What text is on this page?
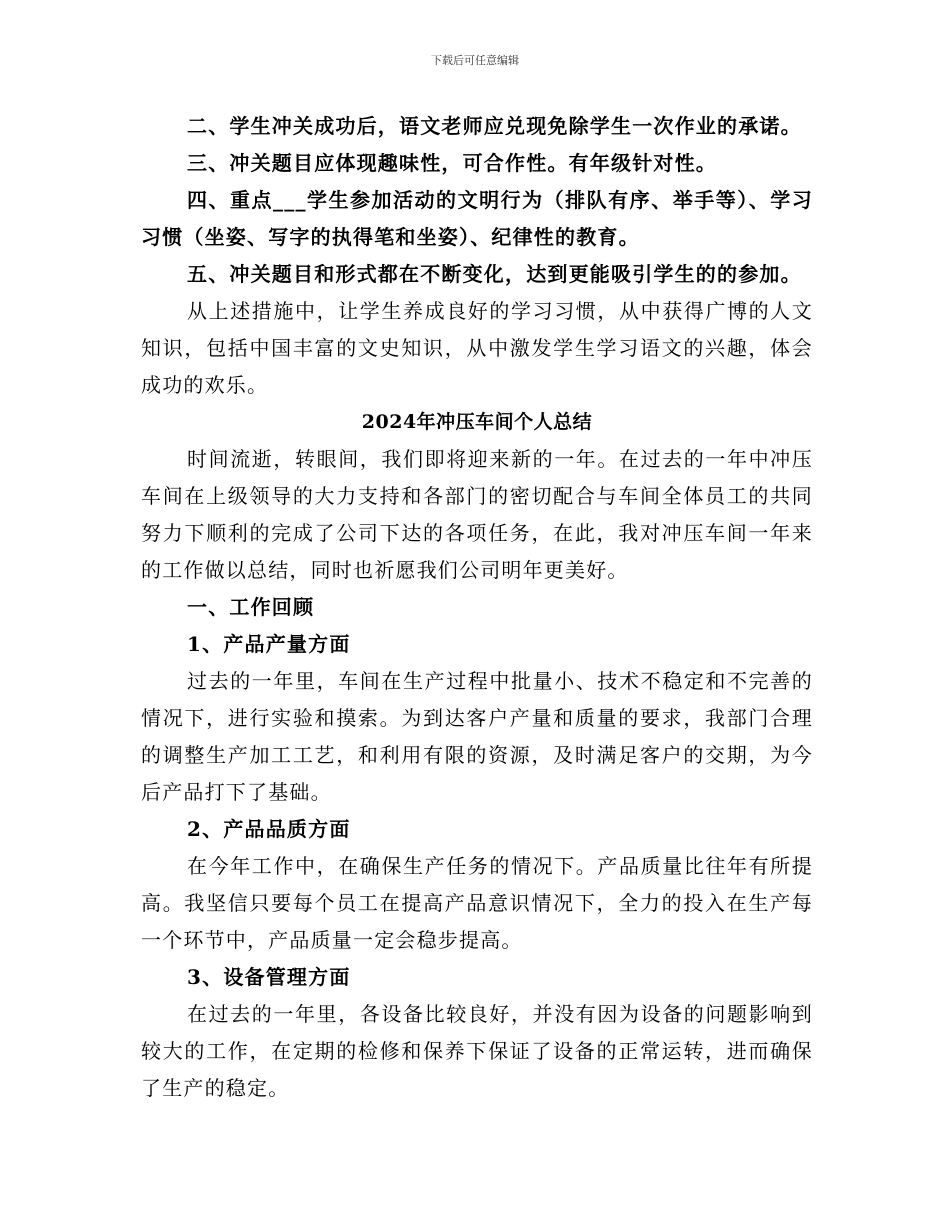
下载后可任意编辑

二、学生冲关成功后，语文老师应兑现免除学生一次作业的承诺。

三、冲关题目应体现趣味性，可合作性。有年级针对性。

四、重点___学生参加活动的文明行为（排队有序、举手等）、学习习惯（坐姿、写字的执得笔和坐姿）、纪律性的教育。

五、冲关题目和形式都在不断变化，达到更能吸引学生的的参加。

从上述措施中，让学生养成良好的学习习惯，从中获得广博的人文知识，包括中国丰富的文史知识，从中激发学生学习语文的兴趣，体会成功的欢乐。

2024年冲压车间个人总结

时间流逝，转眼间，我们即将迎来新的一年。在过去的一年中冲压车间在上级领导的大力支持和各部门的密切配合与车间全体员工的共同努力下顺利的完成了公司下达的各项任务，在此，我对冲压车间一年来的工作做以总结，同时也祈愿我们公司明年更美好。

一、工作回顾

1、产品产量方面

过去的一年里，车间在生产过程中批量小、技术不稳定和不完善的情况下，进行实验和摸索。为到达客户产量和质量的要求，我部门合理的调整生产加工工艺，和利用有限的资源，及时满足客户的交期，为今后产品打下了基础。

2、产品品质方面

在今年工作中，在确保生产任务的情况下。产品质量比往年有所提高。我坚信只要每个员工在提高产品意识情况下，全力的投入在生产每一个环节中，产品质量一定会稳步提高。

3、设备管理方面

在过去的一年里，各设备比较良好，并没有因为设备的问题影响到较大的工作，在定期的检修和保养下保证了设备的正常运转，进而确保了生产的稳定。
